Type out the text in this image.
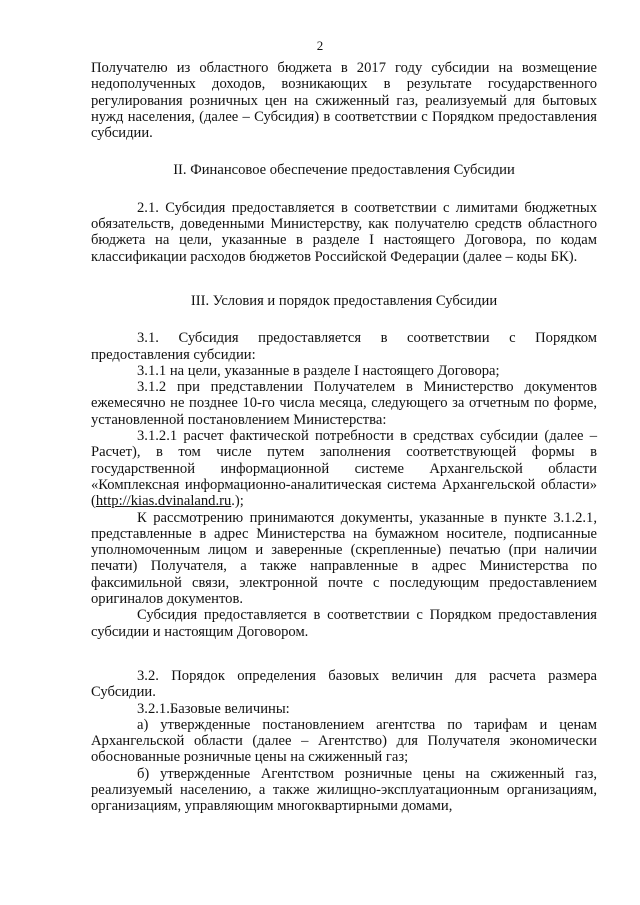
2

Получателю из областного бюджета в 2017 году субсидии на возмещение недополученных доходов, возникающих в результате государственного регулирования розничных цен на сжиженный газ, реализуемый для бытовых нужд населения, (далее – Субсидия) в соответствии с Порядком предоставления субсидии.

II. Финансовое обеспечение предоставления Субсидии

2.1. Субсидия предоставляется в соответствии с лимитами бюджетных обязательств, доведенными Министерству, как получателю средств областного бюджета на цели, указанные в разделе I настоящего Договора, по кодам классификации расходов бюджетов Российской Федерации (далее – коды БК).

III. Условия и порядок предоставления Субсидии

3.1. Субсидия предоставляется в соответствии с Порядком предоставления субсидии:

3.1.1 на цели, указанные в разделе I настоящего Договора;

3.1.2 при представлении Получателем в Министерство документов ежемесячно не позднее 10-го числа месяца, следующего за отчетным по форме, установленной постановлением Министерства:

3.1.2.1 расчет фактической потребности в средствах субсидии (далее – Расчет), в том числе путем заполнения соответствующей формы в государственной информационной системе Архангельской области «Комплексная информационно-аналитическая система Архангельской области» (http://kias.dvinaland.ru.);

К рассмотрению принимаются документы, указанные в пункте 3.1.2.1, представленные в адрес Министерства на бумажном носителе, подписанные уполномоченным лицом и заверенные (скрепленные) печатью (при наличии печати) Получателя, а также направленные в адрес Министерства по факсимильной связи, электронной почте с последующим предоставлением оригиналов документов.

Субсидия предоставляется в соответствии с Порядком предоставления субсидии и настоящим Договором.

3.2. Порядок определения базовых величин для расчета размера Субсидии.

3.2.1.Базовые величины:

а) утвержденные постановлением агентства по тарифам и ценам Архангельской области (далее – Агентство) для Получателя экономически обоснованные розничные цены на сжиженный газ;

б) утвержденные Агентством розничные цены на сжиженный газ, реализуемый населению, а также жилищно-эксплуатационным организациям, организациям, управляющим многоквартирными домами,
